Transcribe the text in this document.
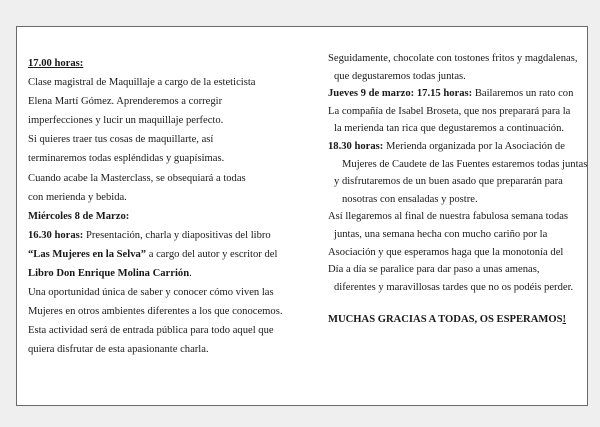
17.00 horas:
Clase magistral de Maquillaje a cargo de la esteticista
Elena Martí Gómez. Aprenderemos a corregir
imperfecciones y lucir un maquillaje perfecto.
Si quieres traer tus cosas de maquillarte, así
terminaremos todas espléndidas y guapísimas.
Cuando acabe la Masterclass, se obsequiará a todas
con merienda y bebida.
Miércoles 8 de Marzo:
16.30 horas: Presentación, charla y diapositivas del libro
“Las Mujeres en la Selva” a cargo del autor y escritor del
Libro Don Enrique Molina Carrión.
Una oportunidad única de saber y conocer cómo viven las
Mujeres en otros ambientes diferentes a los que conocemos.
Esta actividad será de entrada pública para todo aquel que
quiera disfrutar de esta apasionante charla.
Seguidamente, chocolate con tostones fritos y magdalenas,
que degustaremos todas juntas.
Jueves 9 de marzo: 17.15 horas: Bailaremos un rato con
La compañía de Isabel Broseta, que nos preparará para la
la merienda tan rica que degustaremos a continuación.
18.30 horas: Merienda organizada por la Asociación de
Mujeres de Caudete de las Fuentes estaremos todas juntas
y disfrutaremos de un buen asado que prepararán para
nosotras con ensaladas y postre.
Así llegaremos al final de nuestra fabulosa semana todas
juntas, una semana hecha con mucho cariño por la
Asociación y que esperamos haga que la monotonía del
Día a día se paralice para dar paso a unas amenas,
diferentes y maravillosas tardes que no os podéis perder.
MUCHAS GRACIAS A TODAS, OS ESPERAMOS!
